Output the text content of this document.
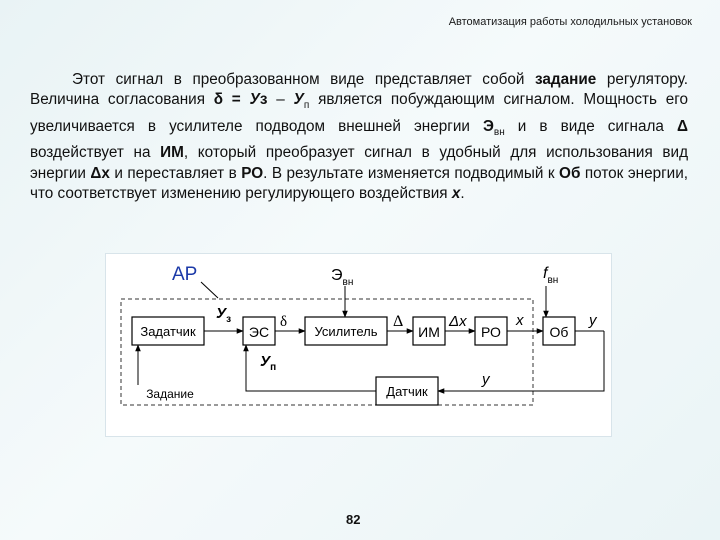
Автоматизация работы холодильных установок

Этот сигнал в преобразованном виде представляет собой задание регулятору. Величина согласования δ = Уз – $У_п$ является побуждающим сигналом. Мощность его увеличивается в усилителе подводом внешней энергии $Э_{вн}$ и в виде сигнала Δ воздействует на ИМ, который преобразует сигнал в удобный для использования вид энергии Δx и переставляет в РО. В результате изменяется подводимый к Об поток энергии, что соответствует изменению регулирующего воздействия x.

АР	$Э_{вн}$
$f_{вн}$
Задатчик	ЭС	Усилитель	ИМ	РО	Об
Датчик
Задание
$У_з$	δ	Δ	Δх	х	у
$У_п$
у
82
